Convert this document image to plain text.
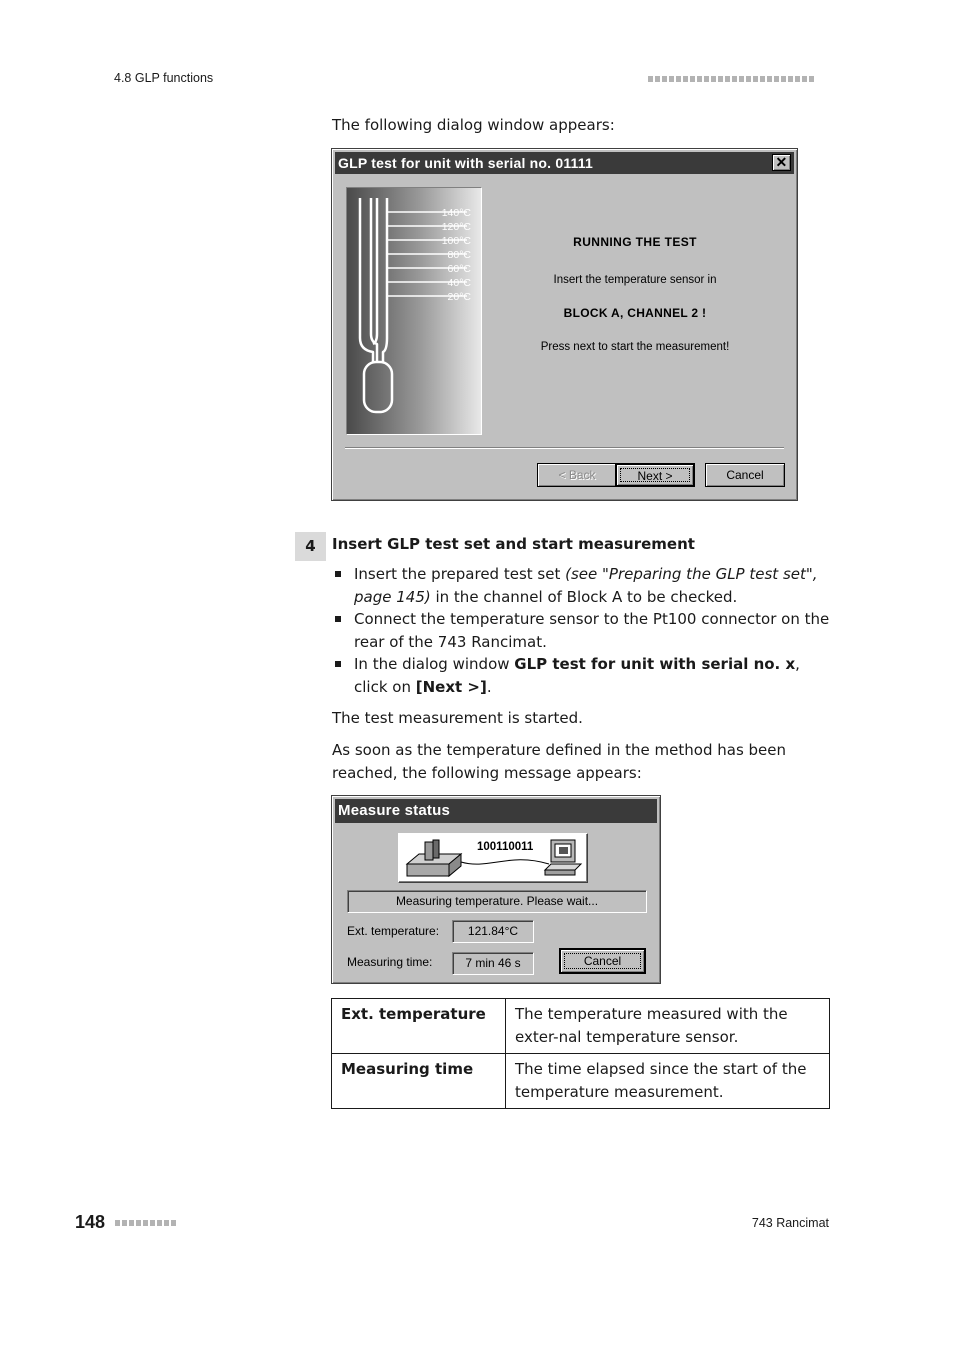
4.8 GLP functions
The following dialog window appears:
GLP test for unit with serial no. 01111	✕
140°C
120°C
100°C
80°C
60°C
40°C
20°C
RUNNING THE TEST
Insert the temperature sensor in
BLOCK A, CHANNEL 2 !
Press next to start the measurement!
< Back	Next >	Cancel
4	Insert GLP test set and start measurement
Insert the prepared test set (see "Preparing the GLP test set", page 145) in the channel of Block A to be checked.
Connect the temperature sensor to the Pt100 connector on the rear of the 743 Rancimat.
In the dialog window GLP test for unit with serial no. x, click on [Next >].
The test measurement is started.
As soon as the temperature defined in the method has been reached, the following message appears:
Measure status
100110011
Measuring temperature. Please wait...
Ext. temperature:	121.84°C
Measuring time:	7 min 46 s	Cancel
Ext. temperature	The temperature measured with the exter-nal temperature sensor.
Measuring time	The time elapsed since the start of the temperature measurement.
148	743 Rancimat
